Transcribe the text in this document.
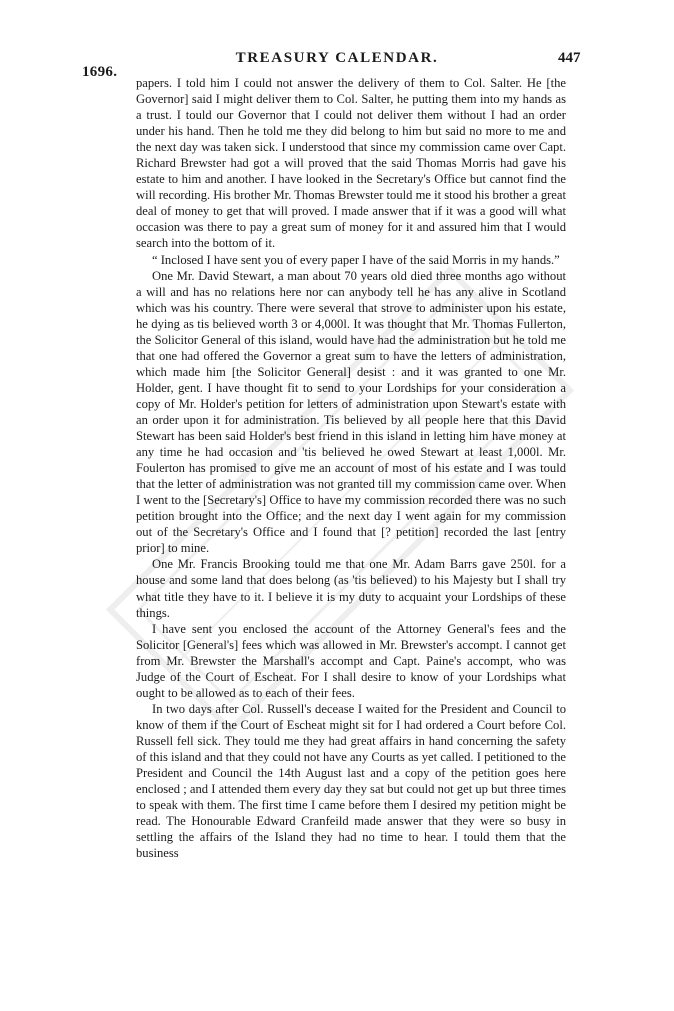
1696.
TREASURY CALENDAR.	447

papers. I told him I could not answer the delivery of them to Col. Salter. He [the Governor] said I might deliver them to Col. Salter, he putting them into my hands as a trust. I tould our Governor that I could not deliver them without I had an order under his hand. Then he told me they did belong to him but said no more to me and the next day was taken sick. I understood that since my commission came over Capt. Richard Brewster had got a will proved that the said Thomas Morris had gave his estate to him and another. I have looked in the Secretary's Office but cannot find the will recording. His brother Mr. Thomas Brewster tould me it stood his brother a great deal of money to get that will proved. I made answer that if it was a good will what occasion was there to pay a great sum of money for it and assured him that I would search into the bottom of it.

“ Inclosed I have sent you of every paper I have of the said Morris in my hands.”

One Mr. David Stewart, a man about 70 years old died three months ago without a will and has no relations here nor can anybody tell he has any alive in Scotland which was his country. There were several that strove to administer upon his estate, he dying as tis believed worth 3 or 4,000l. It was thought that Mr. Thomas Fullerton, the Solicitor General of this island, would have had the administration but he told me that one had offered the Governor a great sum to have the letters of administration, which made him [the Solicitor General] desist : and it was granted to one Mr. Holder, gent. I have thought fit to send to your Lordships for your consideration a copy of Mr. Holder's petition for letters of administration upon Stewart's estate with an order upon it for administration. Tis believed by all people here that this David Stewart has been said Holder's best friend in this island in letting him have money at any time he had occasion and 'tis believed he owed Stewart at least 1,000l. Mr. Foulerton has promised to give me an account of most of his estate and I was tould that the letter of administration was not granted till my commission came over. When I went to the [Secretary's] Office to have my commission recorded there was no such petition brought into the Office; and the next day I went again for my commission out of the Secretary's Office and I found that [? petition] recorded the last [entry prior] to mine.

One Mr. Francis Brooking tould me that one Mr. Adam Barrs gave 250l. for a house and some land that does belong (as 'tis believed) to his Majesty but I shall try what title they have to it. I believe it is my duty to acquaint your Lordships of these things.

I have sent you enclosed the account of the Attorney General's fees and the Solicitor [General's] fees which was allowed in Mr. Brewster's accompt. I cannot get from Mr. Brewster the Marshall's accompt and Capt. Paine's accompt, who was Judge of the Court of Escheat. For I shall desire to know of your Lordships what ought to be allowed as to each of their fees.

In two days after Col. Russell's decease I waited for the President and Council to know of them if the Court of Escheat might sit for I had ordered a Court before Col. Russell fell sick. They tould me they had great affairs in hand concerning the safety of this island and that they could not have any Courts as yet called. I petitioned to the President and Council the 14th August last and a copy of the petition goes here enclosed ; and I attended them every day they sat but could not get up but three times to speak with them. The first time I came before them I desired my petition might be read. The Honourable Edward Cranfeild made answer that they were so busy in settling the affairs of the Island they had no time to hear. I tould them that the business
